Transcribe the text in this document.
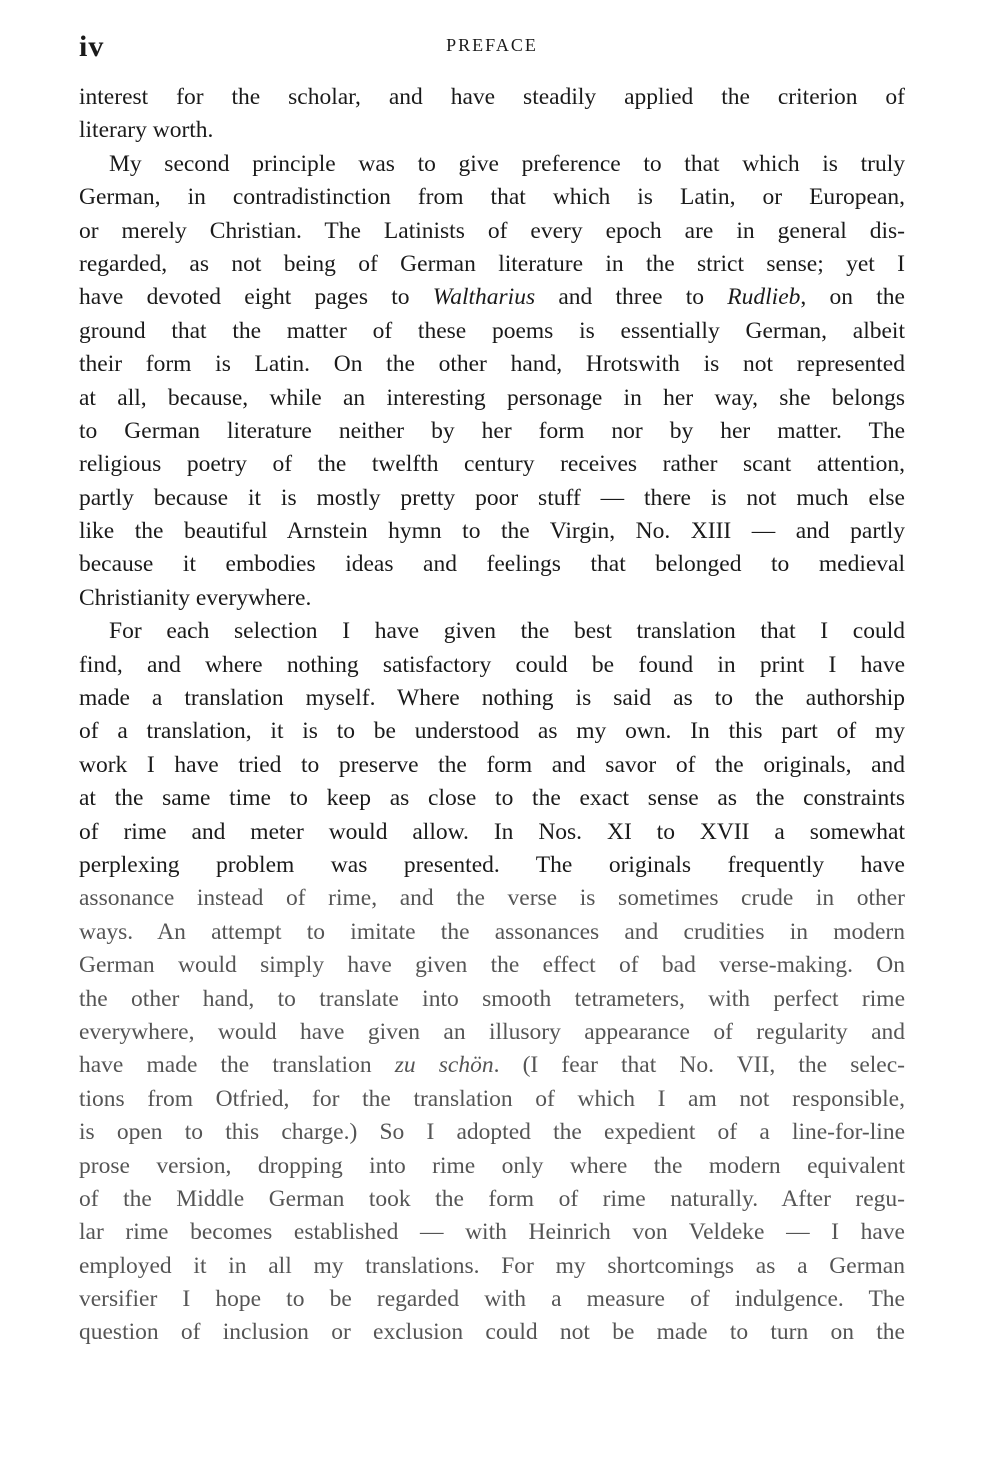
iv	PREFACE
interest for the scholar, and have steadily applied the criterion of
literary worth.
My second principle was to give preference to that which is truly
German, in contradistinction from that which is Latin, or European,
or merely Christian. The Latinists of every epoch are in general dis-
regarded, as not being of German literature in the strict sense; yet I
have devoted eight pages to Waltharius and three to Rudlieb, on the
ground that the matter of these poems is essentially German, albeit
their form is Latin. On the other hand, Hrotswith is not represented
at all, because, while an interesting personage in her way, she belongs
to German literature neither by her form nor by her matter. The
religious poetry of the twelfth century receives rather scant attention,
partly because it is mostly pretty poor stuff — there is not much else
like the beautiful Arnstein hymn to the Virgin, No. XIII — and partly
because it embodies ideas and feelings that belonged to medieval
Christianity everywhere.
For each selection I have given the best translation that I could
find, and where nothing satisfactory could be found in print I have
made a translation myself. Where nothing is said as to the authorship
of a translation, it is to be understood as my own. In this part of my
work I have tried to preserve the form and savor of the originals, and
at the same time to keep as close to the exact sense as the constraints
of rime and meter would allow. In Nos. XI to XVII a somewhat
perplexing problem was presented. The originals frequently have
assonance instead of rime, and the verse is sometimes crude in other
ways. An attempt to imitate the assonances and crudities in modern
German would simply have given the effect of bad verse-making. On
the other hand, to translate into smooth tetrameters, with perfect rime
everywhere, would have given an illusory appearance of regularity and
have made the translation zu schön. (I fear that No. VII, the selec-
tions from Otfried, for the translation of which I am not responsible,
is open to this charge.) So I adopted the expedient of a line-for-line
prose version, dropping into rime only where the modern equivalent
of the Middle German took the form of rime naturally. After regu-
lar rime becomes established — with Heinrich von Veldeke — I have
employed it in all my translations. For my shortcomings as a German
versifier I hope to be regarded with a measure of indulgence. The
question of inclusion or exclusion could not be made to turn on the
